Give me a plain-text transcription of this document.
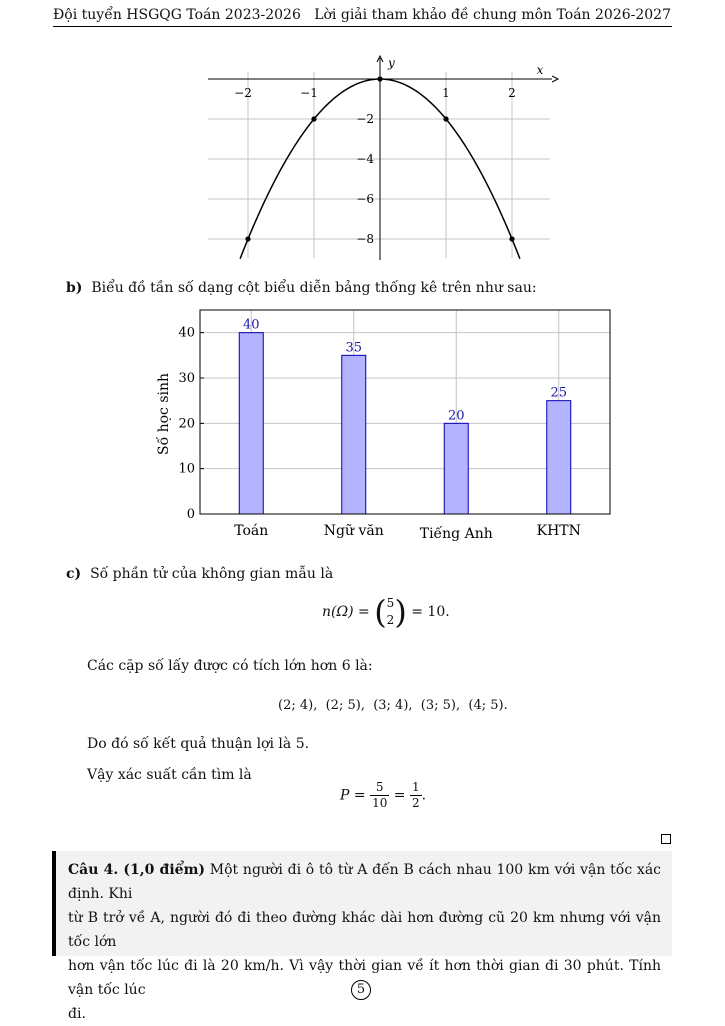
Đội tuyển HSGQG Toán 2023-2026 Lời giải tham khảo đề chung môn Toán 2026-2027
−2	−1	1	2
−2
−4
−6
−8
x
y
b) Biểu đồ tần số dạng cột biểu diễn bảng thống kê trên như sau:
40
35
20
25
0
10
20
30
40
Toán	Ngữ văn	Tiếng Anh	KHTN
Số học sinh
c) Số phần tử của không gian mẫu là
n(Ω) = ( 5
2 ) = 10.
Các cặp số lấy được có tích lớn hơn 6 là:
(2; 4),  (2; 5),  (3; 4),  (3; 5),  (4; 5).
Do đó số kết quả thuận lợi là 5.
Vậy xác suất cần tìm là
$P = \frac{5}{10} = \frac{1}{2}$ .
Câu 4. (1,0 điểm) Một người đi ô tô từ A đến B cách nhau 100 km với vận tốc xác định. Khi
từ B trở về A, người đó đi theo đường khác dài hơn đường cũ 20 km nhưng với vận tốc lớn
hơn vận tốc lúc đi là 20 km/h. Vì vậy thời gian về ít hơn thời gian đi 30 phút. Tính vận tốc lúc
đi.
5
